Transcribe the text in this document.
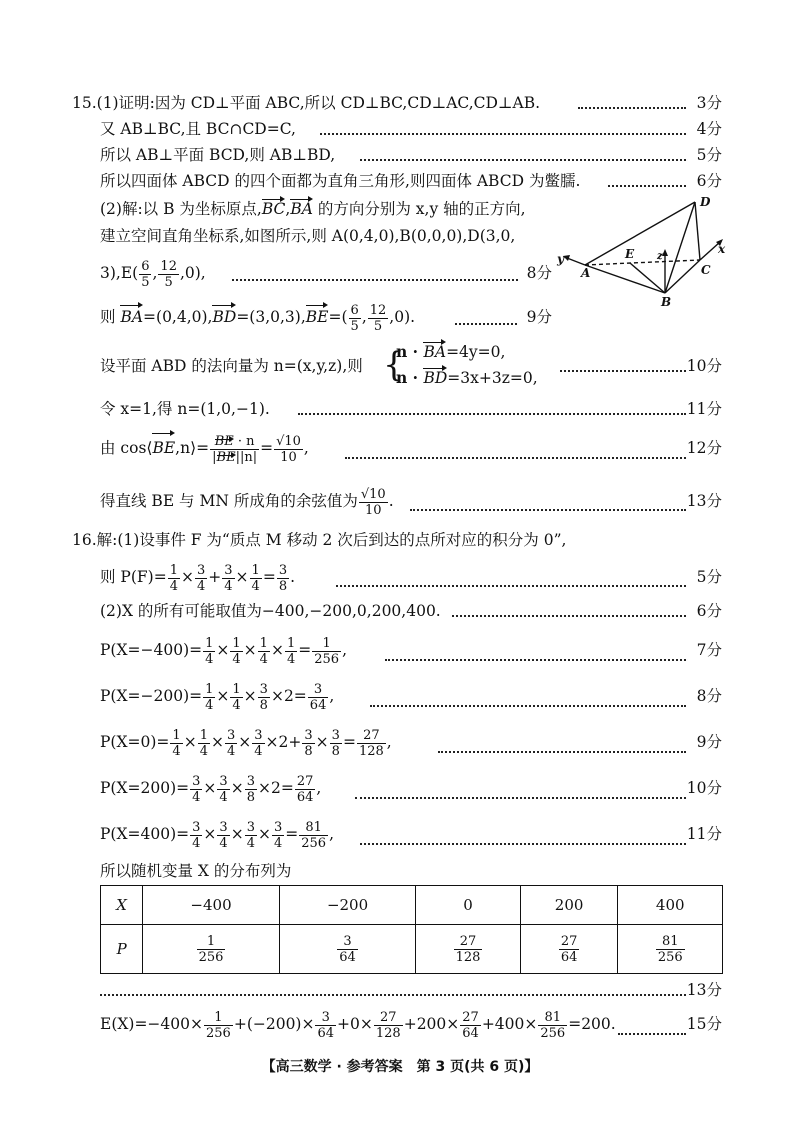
15.(1)证明:因为 CD⊥平面 ABC,所以 CD⊥BC,CD⊥AC,CD⊥AB.	3分
又 AB⊥BC,且 BC∩CD=C,	4分
所以 AB⊥平面 BCD,则 AB⊥BD,	5分
所以四面体 ABCD 的四个面都为直角三角形,则四面体 ABCD 为鳖臑.	6分
(2)解:以 B 为坐标原点,BC,BA 的方向分别为 x,y 轴的正方向,
建立空间直角坐标系,如图所示,则 A(0,4,0),B(0,0,0),D(3,0,
$3),E( \frac{6}{5}$ , $\frac{12}{5} ,0$),	8分
则 $BA=(0,4,0),BD=(3,0,3),BE=( \frac{6}{5}$ , $\frac{12}{5} ,0$).	9分
设平面 ABD 的法向量为 n=(x,y,z),则 {
n · BA=4y=0,
n · BD=3x+3z=0,
10分
令 x=1,得 n=(1,0,−1).	11分
由 cos⟨BE,n⟩= $\frac{BE \cdot n}{|BE||n|} = \frac{√10}{10}$ ,	12分
得直线 BE 与 MN 所成角的余弦值为 $\frac{√10}{10}$ .	13分
D
E z
x
y
A	C
B
16.解:(1)设事件 F 为“质点 M 移动 2 次后到达的点所对应的积分为 0”,
则 $P(F)= \frac{1}{4} \times \frac{3}{4} + \frac{3}{4} \times \frac{1}{4} = \frac{3}{8}$ .	5分
(2)X 的所有可能取值为−400,−200,0,200,400.	6分
$P(X=-400)= \frac{1}{4} \times \frac{1}{4} \times \frac{1}{4} \times \frac{1}{4} = \frac{1}{256}$ ,	7分
$P(X=-200)= \frac{1}{4} \times \frac{1}{4} \times \frac{3}{8} \times 2= \frac{3}{64}$ ,	8分
$P(X=0)= \frac{1}{4} \times \frac{1}{4} \times \frac{3}{4} \times \frac{3}{4} \times 2+ \frac{3}{8} \times \frac{3}{8} = \frac{27}{128}$ ,	9分
$P(X=200)= \frac{3}{4} \times \frac{3}{4} \times \frac{3}{8} \times 2= \frac{27}{64}$ ,	10分
$P(X=400)= \frac{3}{4} \times \frac{3}{4} \times \frac{3}{4} \times \frac{3}{4} = \frac{81}{256}$ ,	11分
所以随机变量 X 的分布列为
X	−400	−200	0	200	400
P	$\frac{1}{256}$	$\frac{3}{64}$	$\frac{27}{128}$	$\frac{27}{64}$	$\frac{81}{256}$
13分
$E(X)=-400\times \frac{1}{256} +(-200)\times \frac{3}{64} +0\times \frac{27}{128} +200\times \frac{27}{64} +400\times \frac{81}{256} =200$.	15分
【高三数学 · 参考答案　第 3 页(共 6 页)】
